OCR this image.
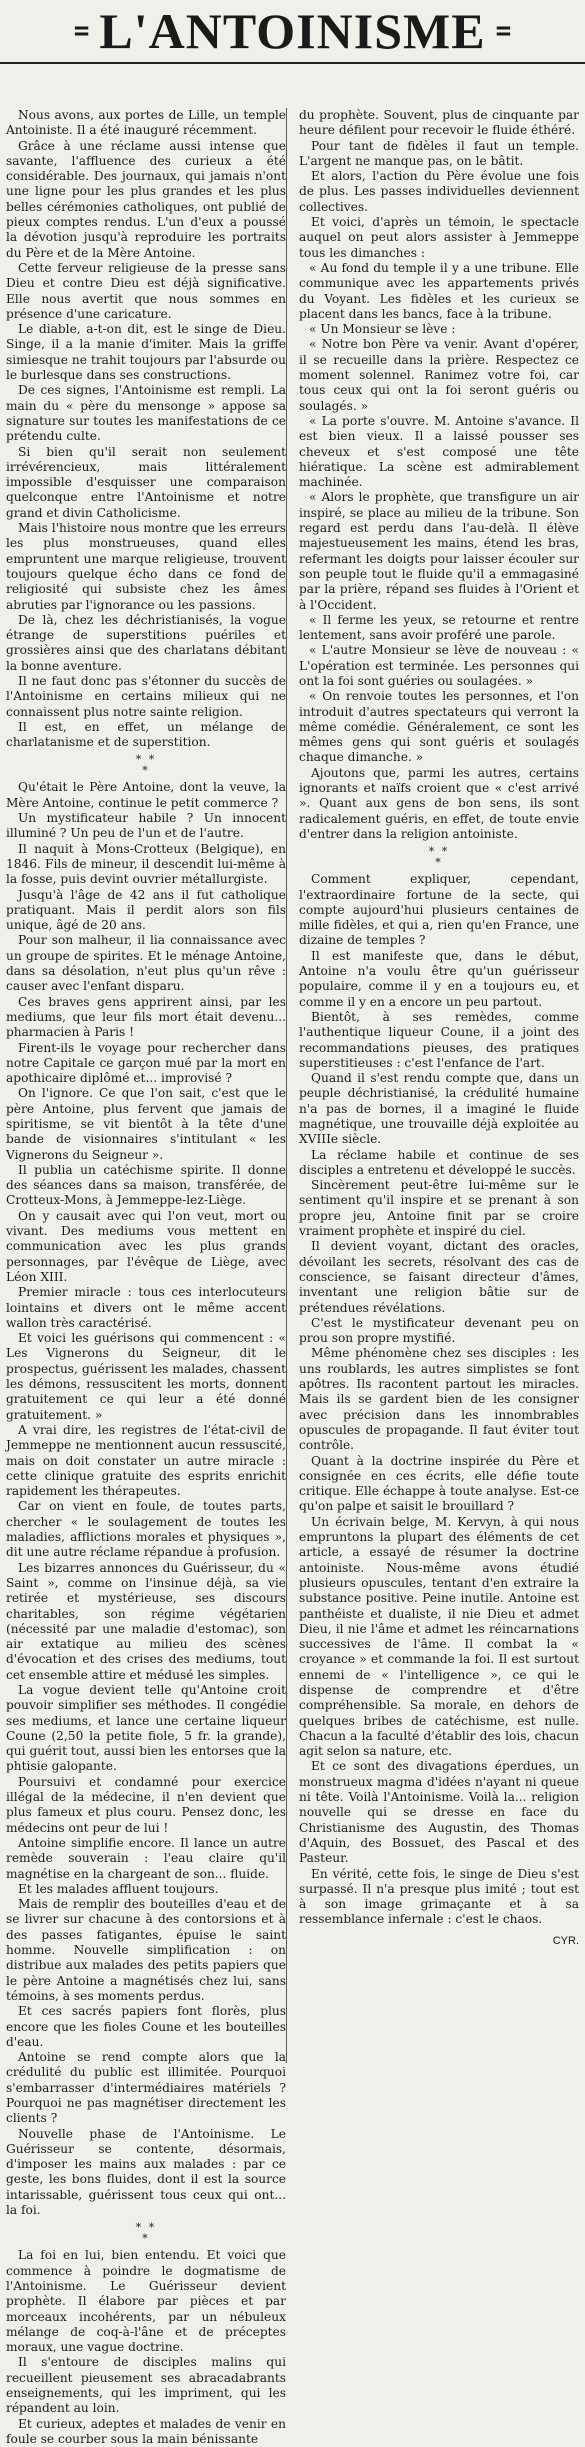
= L'ANTOINISME =

Nous avons, aux portes de Lille, un temple Antoiniste. Il a été inauguré récemment.

Grâce à une réclame aussi intense que savante, l'affluence des curieux a été considérable. Des journaux, qui jamais n'ont une ligne pour les plus grandes et les plus belles cérémonies catholiques, ont publié de pieux comptes rendus. L'un d'eux a poussé la dévotion jusqu'à reproduire les portraits du Père et de la Mère Antoine.

Cette ferveur religieuse de la presse sans Dieu et contre Dieu est déjà significative. Elle nous avertit que nous sommes en présence d'une caricature.

Le diable, a-t-on dit, est le singe de Dieu. Singe, il a la manie d'imiter. Mais la griffe simiesque ne trahit toujours par l'absurde ou le burlesque dans ses constructions.

De ces signes, l'Antoinisme est rempli. La main du « père du mensonge » appose sa signature sur toutes les manifestations de ce prétendu culte.

Si bien qu'il serait non seulement irrévérencieux, mais littéralement impossible d'esquisser une comparaison quelconque entre l'Antoinisme et notre grand et divin Catholicisme.

Mais l'histoire nous montre que les erreurs les plus monstrueuses, quand elles empruntent une marque religieuse, trouvent toujours quelque écho dans ce fond de religiosité qui subsiste chez les âmes abruties par l'ignorance ou les passions.

De là, chez les déchristianisés, la vogue étrange de superstitions puériles et grossières ainsi que des charlatans débitant la bonne aventure.

Il ne faut donc pas s'étonner du succès de l'Antoinisme en certains milieux qui ne connaissent plus notre sainte religion.

Il est, en effet, un mélange de charlatanisme et de superstition.

* *
*

Qu'était le Père Antoine, dont la veuve, la Mère Antoine, continue le petit commerce ?

Un mystificateur habile ? Un innocent illuminé ? Un peu de l'un et de l'autre.

Il naquit à Mons-Crotteux (Belgique), en 1846. Fils de mineur, il descendit lui-même à la fosse, puis devint ouvrier métallurgiste.

Jusqu'à l'âge de 42 ans il fut catholique pratiquant. Mais il perdit alors son fils unique, âgé de 20 ans.

Pour son malheur, il lia connaissance avec un groupe de spirites. Et le ménage Antoine, dans sa désolation, n'eut plus qu'un rêve : causer avec l'enfant disparu.

Ces braves gens apprirent ainsi, par les mediums, que leur fils mort était devenu... pharmacien à Paris !

Firent-ils le voyage pour rechercher dans notre Capitale ce garçon mué par la mort en apothicaire diplômé et... improvisé ?

On l'ignore. Ce que l'on sait, c'est que le père Antoine, plus fervent que jamais de spiritisme, se vit bientôt à la tête d'une bande de visionnaires s'intitulant « les Vignerons du Seigneur ».

Il publia un catéchisme spirite. Il donne des séances dans sa maison, transférée, de Crotteux-Mons, à Jemmeppe-lez-Liège.

On y causait avec qui l'on veut, mort ou vivant. Des mediums vous mettent en communication avec les plus grands personnages, par l'évêque de Liège, avec Léon XIII.

Premier miracle : tous ces interlocuteurs lointains et divers ont le même accent wallon très caractérisé.

Et voici les guérisons qui commencent : « Les Vignerons du Seigneur, dit le prospectus, guérissent les malades, chassent les démons, ressuscitent les morts, donnent gratuitement ce qui leur a été donné gratuitement. »

A vrai dire, les registres de l'état-civil de Jemmeppe ne mentionnent aucun ressuscité, mais on doit constater un autre miracle : cette clinique gratuite des esprits enrichit rapidement les thérapeutes.

Car on vient en foule, de toutes parts, chercher « le soulagement de toutes les maladies, afflictions morales et physiques », dit une autre réclame répandue à profusion.

Les bizarres annonces du Guérisseur, du « Saint », comme on l'insinue déjà, sa vie retirée et mystérieuse, ses discours charitables, son régime végétarien (nécessité par une maladie d'estomac), son air extatique au milieu des scènes d'évocation et des crises des mediums, tout cet ensemble attire et médusé les simples.

La vogue devient telle qu'Antoine croit pouvoir simplifier ses méthodes. Il congédie ses mediums, et lance une certaine liqueur Coune (2,50 la petite fiole, 5 fr. la grande), qui guérit tout, aussi bien les entorses que la phtisie galopante.

Poursuivi et condamné pour exercice illégal de la médecine, il n'en devient que plus fameux et plus couru. Pensez donc, les médecins ont peur de lui !

Antoine simplifie encore. Il lance un autre remède souverain : l'eau claire qu'il magnétise en la chargeant de son... fluide.

Et les malades affluent toujours.

Mais de remplir des bouteilles d'eau et de se livrer sur chacune à des contorsions et à des passes fatigantes, épuise le saint homme. Nouvelle simplification : on distribue aux malades des petits papiers que le père Antoine a magnétisés chez lui, sans témoins, à ses moments perdus.

Et ces sacrés papiers font florès, plus encore que les fioles Coune et les bouteilles d'eau.

Antoine se rend compte alors que la crédulité du public est illimitée. Pourquoi s'embarrasser d'intermédiaires matériels ? Pourquoi ne pas magnétiser directement les clients ?

Nouvelle phase de l'Antoinisme. Le Guérisseur se contente, désormais, d'imposer les mains aux malades : par ce geste, les bons fluides, dont il est la source intarissable, guérissent tous ceux qui ont... la foi.

* *
*

La foi en lui, bien entendu. Et voici que commence à poindre le dogmatisme de l'Antoinisme. Le Guérisseur devient prophète. Il élabore par pièces et par morceaux incohérents, par un nébuleux mélange de coq-à-l'âne et de préceptes moraux, une vague doctrine.

Il s'entoure de disciples malins qui recueillent pieusement ses abracadabrants enseignements, qui les impriment, qui les répandent au loin.

Et curieux, adeptes et malades de venir en foule se courber sous la main bénissante

du prophète. Souvent, plus de cinquante par heure défilent pour recevoir le fluide éthéré.

Pour tant de fidèles il faut un temple. L'argent ne manque pas, on le bâtit.

Et alors, l'action du Père évolue une fois de plus. Les passes individuelles deviennent collectives.

Et voici, d'après un témoin, le spectacle auquel on peut alors assister à Jemmeppe tous les dimanches :

« Au fond du temple il y a une tribune. Elle communique avec les appartements privés du Voyant. Les fidèles et les curieux se placent dans les bancs, face à la tribune.

« Un Monsieur se lève :

« Notre bon Père va venir. Avant d'opérer, il se recueille dans la prière. Respectez ce moment solennel. Ranimez votre foi, car tous ceux qui ont la foi seront guéris ou soulagés. »

« La porte s'ouvre. M. Antoine s'avance. Il est bien vieux. Il a laissé pousser ses cheveux et s'est composé une tête hiératique. La scène est admirablement machinée.

« Alors le prophète, que transfigure un air inspiré, se place au milieu de la tribune. Son regard est perdu dans l'au-delà. Il élève majestueusement les mains, étend les bras, refermant les doigts pour laisser écouler sur son peuple tout le fluide qu'il a emmagasiné par la prière, répand ses fluides à l'Orient et à l'Occident.

« Il ferme les yeux, se retourne et rentre lentement, sans avoir proféré une parole.

« L'autre Monsieur se lève de nouveau : « L'opération est terminée. Les personnes qui ont la foi sont guéries ou soulagées. »

« On renvoie toutes les personnes, et l'on introduit d'autres spectateurs qui verront la même comédie. Généralement, ce sont les mêmes gens qui sont guéris et soulagés chaque dimanche. »

Ajoutons que, parmi les autres, certains ignorants et naïfs croient que « c'est arrivé ». Quant aux gens de bon sens, ils sont radicalement guéris, en effet, de toute envie d'entrer dans la religion antoiniste.

* *
*

Comment expliquer, cependant, l'extraordinaire fortune de la secte, qui compte aujourd'hui plusieurs centaines de mille fidèles, et qui a, rien qu'en France, une dizaine de temples ?

Il est manifeste que, dans le début, Antoine n'a voulu être qu'un guérisseur populaire, comme il y en a toujours eu, et comme il y en a encore un peu partout.

Bientôt, à ses remèdes, comme l'authentique liqueur Coune, il a joint des recommandations pieuses, des pratiques superstitieuses : c'est l'enfance de l'art.

Quand il s'est rendu compte que, dans un peuple déchristianisé, la crédulité humaine n'a pas de bornes, il a imaginé le fluide magnétique, une trouvaille déjà exploitée au XVIIIe siècle.

La réclame habile et continue de ses disciples a entretenu et développé le succès.

Sincèrement peut-être lui-même sur le sentiment qu'il inspire et se prenant à son propre jeu, Antoine finit par se croire vraiment prophète et inspiré du ciel.

Il devient voyant, dictant des oracles, dévoilant les secrets, résolvant des cas de conscience, se faisant directeur d'âmes, inventant une religion bâtie sur de prétendues révélations.

C'est le mystificateur devenant peu on prou son propre mystifié.

Même phénomène chez ses disciples : les uns roublards, les autres simplistes se font apôtres. Ils racontent partout les miracles. Mais ils se gardent bien de les consigner avec précision dans les innombrables opuscules de propagande. Il faut éviter tout contrôle.

Quant à la doctrine inspirée du Père et consignée en ces écrits, elle défie toute critique. Elle échappe à toute analyse. Est-ce qu'on palpe et saisit le brouillard ?

Un écrivain belge, M. Kervyn, à qui nous empruntons la plupart des éléments de cet article, a essayé de résumer la doctrine antoiniste. Nous-même avons étudié plusieurs opuscules, tentant d'en extraire la substance positive. Peine inutile. Antoine est panthéiste et dualiste, il nie Dieu et admet Dieu, il nie l'âme et admet les réincarnations successives de l'âme. Il combat la « croyance » et commande la foi. Il est surtout ennemi de « l'intelligence », ce qui le dispense de comprendre et d'être compréhensible. Sa morale, en dehors de quelques bribes de catéchisme, est nulle. Chacun a la faculté d'établir des lois, chacun agit selon sa nature, etc.

Et ce sont des divagations éperdues, un monstrueux magma d'idées n'ayant ni queue ni tête. Voilà l'Antoinisme. Voilà la... religion nouvelle qui se dresse en face du Christianisme des Augustin, des Thomas d'Aquin, des Bossuet, des Pascal et des Pasteur.

En vérité, cette fois, le singe de Dieu s'est surpassé. Il n'a presque plus imité ; tout est à son image grimaçante et à sa ressemblance infernale : c'est le chaos.

CYR.
